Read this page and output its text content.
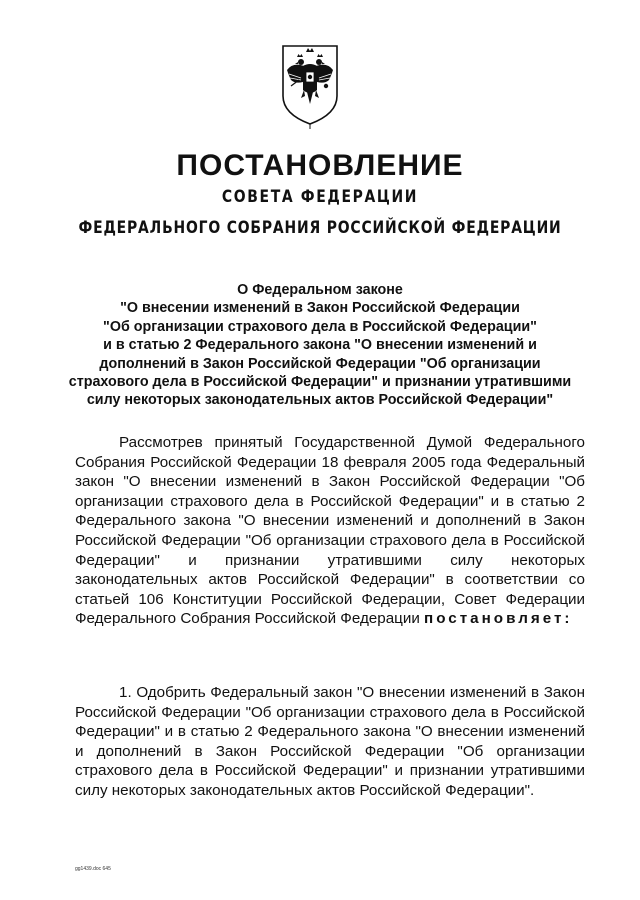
ПОСТАНОВЛЕНИЕ
СОВЕТА ФЕДЕРАЦИИ
ФЕДЕРАЛЬНОГО СОБРАНИЯ РОССИЙСКОЙ ФЕДЕРАЦИИ
О Федеральном законе
"О внесении изменений в Закон Российской Федерации
"Об организации страхового дела в Российской Федерации"
и в статью 2 Федерального закона "О внесении изменений и
дополнений в Закон Российской Федерации "Об организации
страхового дела в Российской Федерации" и признании утратившими
силу некоторых законодательных актов Российской Федерации"
Рассмотрев принятый Государственной Думой Федерального Собрания Российской Федерации 18 февраля 2005 года Федеральный закон "О внесении изменений в Закон Российской Федерации "Об организации страхового дела в Российской Федерации" и в статью 2 Федерального закона "О внесении изменений и дополнений в Закон Российской Федерации "Об организации страхового дела в Российской Федерации" и признании утратившими силу некоторых законодательных актов Российской Федерации" в соответствии со статьей 106 Конституции Российской Федерации, Совет Федерации Федерального Собрания Российской Федерации постановляет:
1. Одобрить Федеральный закон "О внесении изменений в Закон Российской Федерации "Об организации страхового дела в Российской Федерации" и в статью 2 Федерального закона "О внесении изменений и дополнений в Закон Российской Федерации "Об организации страхового дела в Российской Федерации" и признании утратившими силу некоторых законодательных актов Российской Федерации".
gg1439.doc 645
